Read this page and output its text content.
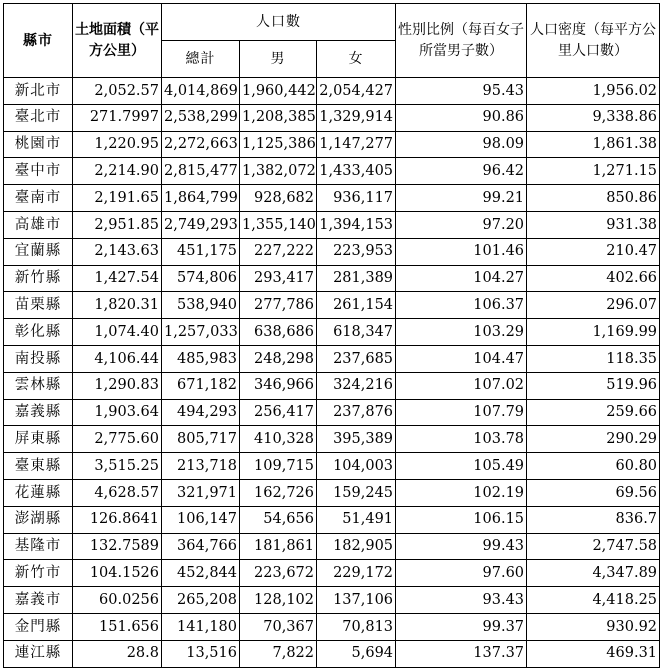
縣市	土地面積（平方公里）	人口數			性別比例（每百女子所當男子數）	人口密度（每平方公里人口數）
		總計	男	女		
新北市	2,052.57	4,014,869	1,960,442	2,054,427	95.43	1,956.02
臺北市	271.7997	2,538,299	1,208,385	1,329,914	90.86	9,338.86
桃園市	1,220.95	2,272,663	1,125,386	1,147,277	98.09	1,861.38
臺中市	2,214.90	2,815,477	1,382,072	1,433,405	96.42	1,271.15
臺南市	2,191.65	1,864,799	928,682	936,117	99.21	850.86
高雄市	2,951.85	2,749,293	1,355,140	1,394,153	97.20	931.38
宜蘭縣	2,143.63	451,175	227,222	223,953	101.46	210.47
新竹縣	1,427.54	574,806	293,417	281,389	104.27	402.66
苗栗縣	1,820.31	538,940	277,786	261,154	106.37	296.07
彰化縣	1,074.40	1,257,033	638,686	618,347	103.29	1,169.99
南投縣	4,106.44	485,983	248,298	237,685	104.47	118.35
雲林縣	1,290.83	671,182	346,966	324,216	107.02	519.96
嘉義縣	1,903.64	494,293	256,417	237,876	107.79	259.66
屏東縣	2,775.60	805,717	410,328	395,389	103.78	290.29
臺東縣	3,515.25	213,718	109,715	104,003	105.49	60.80
花蓮縣	4,628.57	321,971	162,726	159,245	102.19	69.56
澎湖縣	126.8641	106,147	54,656	51,491	106.15	836.7
基隆市	132.7589	364,766	181,861	182,905	99.43	2,747.58
新竹市	104.1526	452,844	223,672	229,172	97.60	4,347.89
嘉義市	60.0256	265,208	128,102	137,106	93.43	4,418.25
金門縣	151.656	141,180	70,367	70,813	99.37	930.92
連江縣	28.8	13,516	7,822	5,694	137.37	469.31
